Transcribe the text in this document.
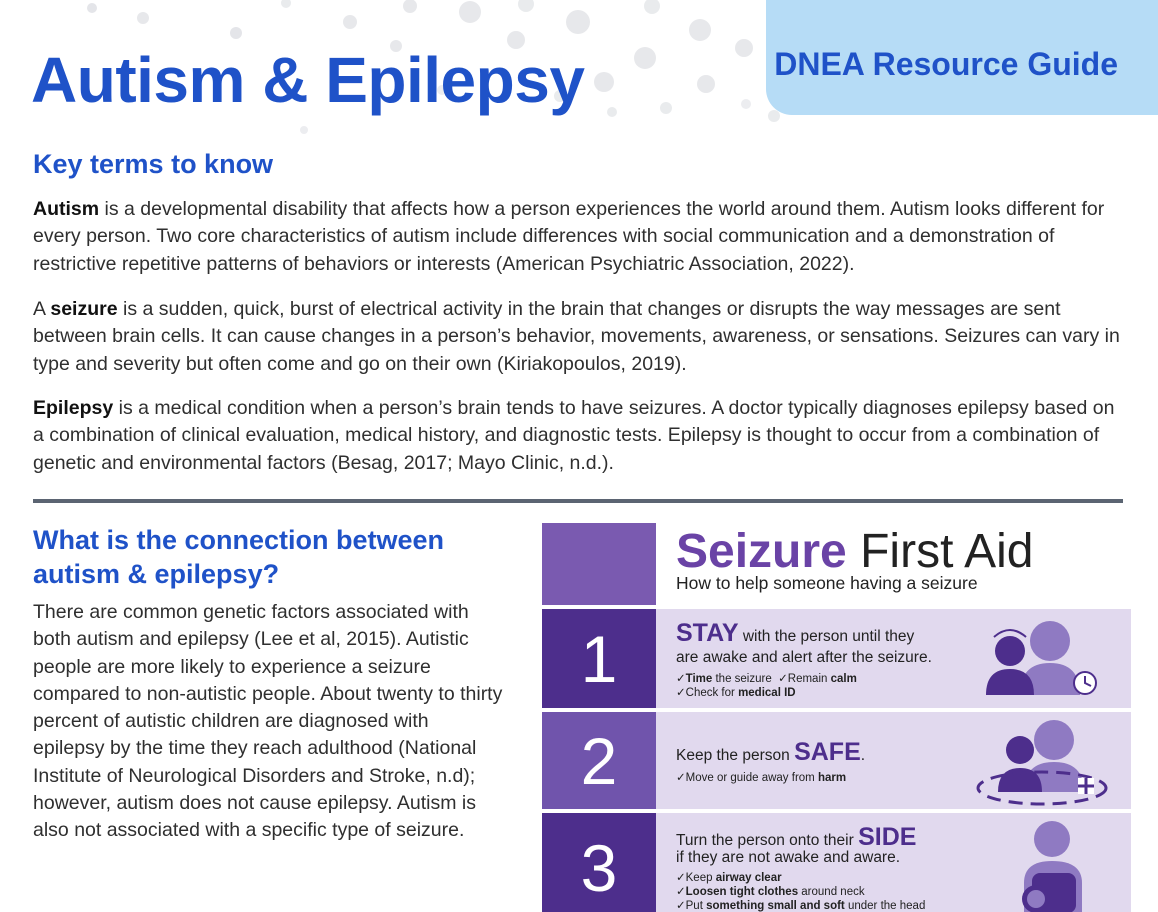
Autism & Epilepsy	DNEA Resource Guide
Key terms to know

Autism is a developmental disability that affects how a person experiences the world around them. Autism looks different for every person. Two core characteristics of autism include differences with social communication and a demonstration of restrictive repetitive patterns of behaviors or interests (American Psychiatric Association, 2022).

A seizure is a sudden, quick, burst of electrical activity in the brain that changes or disrupts the way messages are sent between brain cells. It can cause changes in a person’s behavior, movements, awareness, or sensations. Seizures can vary in type and severity but often come and go on their own (Kiriakopoulos, 2019).

Epilepsy is a medical condition when a person’s brain tends to have seizures. A doctor typically diagnoses epilepsy based on a combination of clinical evaluation, medical history, and diagnostic tests. Epilepsy is thought to occur from a combination of genetic and environmental factors (Besag, 2017; Mayo Clinic, n.d.).

What is the connection between autism & epilepsy?

There are common genetic factors associated with both autism and epilepsy (Lee et al, 2015). Autistic people are more likely to experience a seizure compared to non-autistic people. About twenty to thirty percent of autistic children are diagnosed with epilepsy by the time they reach adulthood (National Institute of Neurological Disorders and Stroke, n.d); however, autism does not cause epilepsy. Autism is also not associated with a specific type of seizure.

Seizure First Aid
How to help someone having a seizure
1	STAY with the person until they
are awake and alert after the seizure.
✓Time the seizure ✓Remain calm
✓Check for medical ID
2	Keep the person SAFE.
✓Move or guide away from harm
3	Turn the person onto their SIDE
if they are not awake and aware.
✓Keep airway clear
✓Loosen tight clothes around neck
✓Put something small and soft under the head
